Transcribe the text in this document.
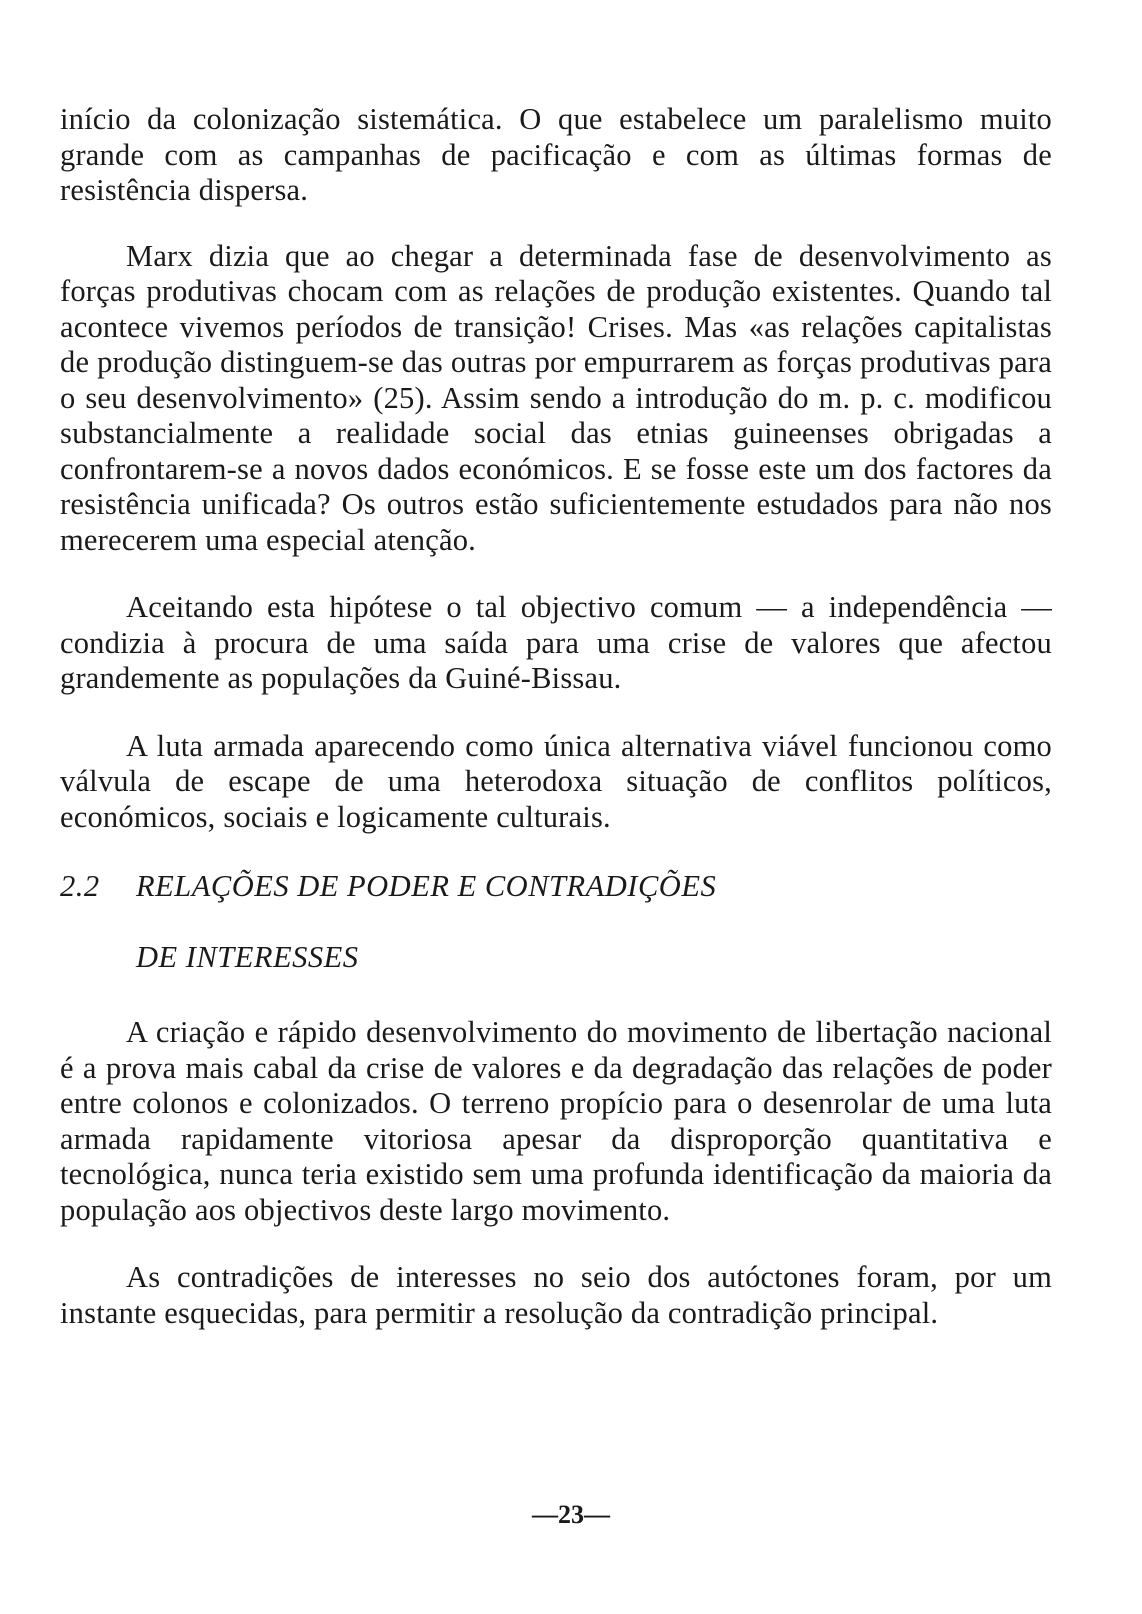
início da colonização sistemática. O que estabelece um paralelismo muito grande com as campanhas de pacificação e com as últimas formas de resistência dispersa.

Marx dizia que ao chegar a determinada fase de desenvolvimento as forças produtivas chocam com as relações de produção existentes. Quando tal acontece vivemos períodos de transição! Crises. Mas «as relações capitalistas de produção distinguem-se das outras por empurrarem as forças produtivas para o seu desenvolvimento» (25). Assim sendo a introdução do m. p. c. modificou substancialmente a realidade social das etnias guineenses obrigadas a confrontarem-se a novos dados económicos. E se fosse este um dos factores da resistência unificada? Os outros estão suficientemente estudados para não nos merecerem uma especial atenção.

Aceitando esta hipótese o tal objectivo comum — a independência — condizia à procura de uma saída para uma crise de valores que afectou grandemente as populações da Guiné-Bissau.

A luta armada aparecendo como única alternativa viável funcionou como válvula de escape de uma heterodoxa situação de conflitos políticos, económicos, sociais e logicamente culturais.

2.2	RELAÇÕES DE PODER E CONTRADIÇÕES
DE INTERESSES

A criação e rápido desenvolvimento do movimento de libertação nacional é a prova mais cabal da crise de valores e da degradação das relações de poder entre colonos e colonizados. O terreno propício para o desenrolar de uma luta armada rapidamente vitoriosa apesar da disproporção quantitativa e tecnológica, nunca teria existido sem uma profunda identificação da maioria da população aos objectivos deste largo movimento.

As contradições de interesses no seio dos autóctones foram, por um instante esquecidas, para permitir a resolução da contradição principal.

—23—
